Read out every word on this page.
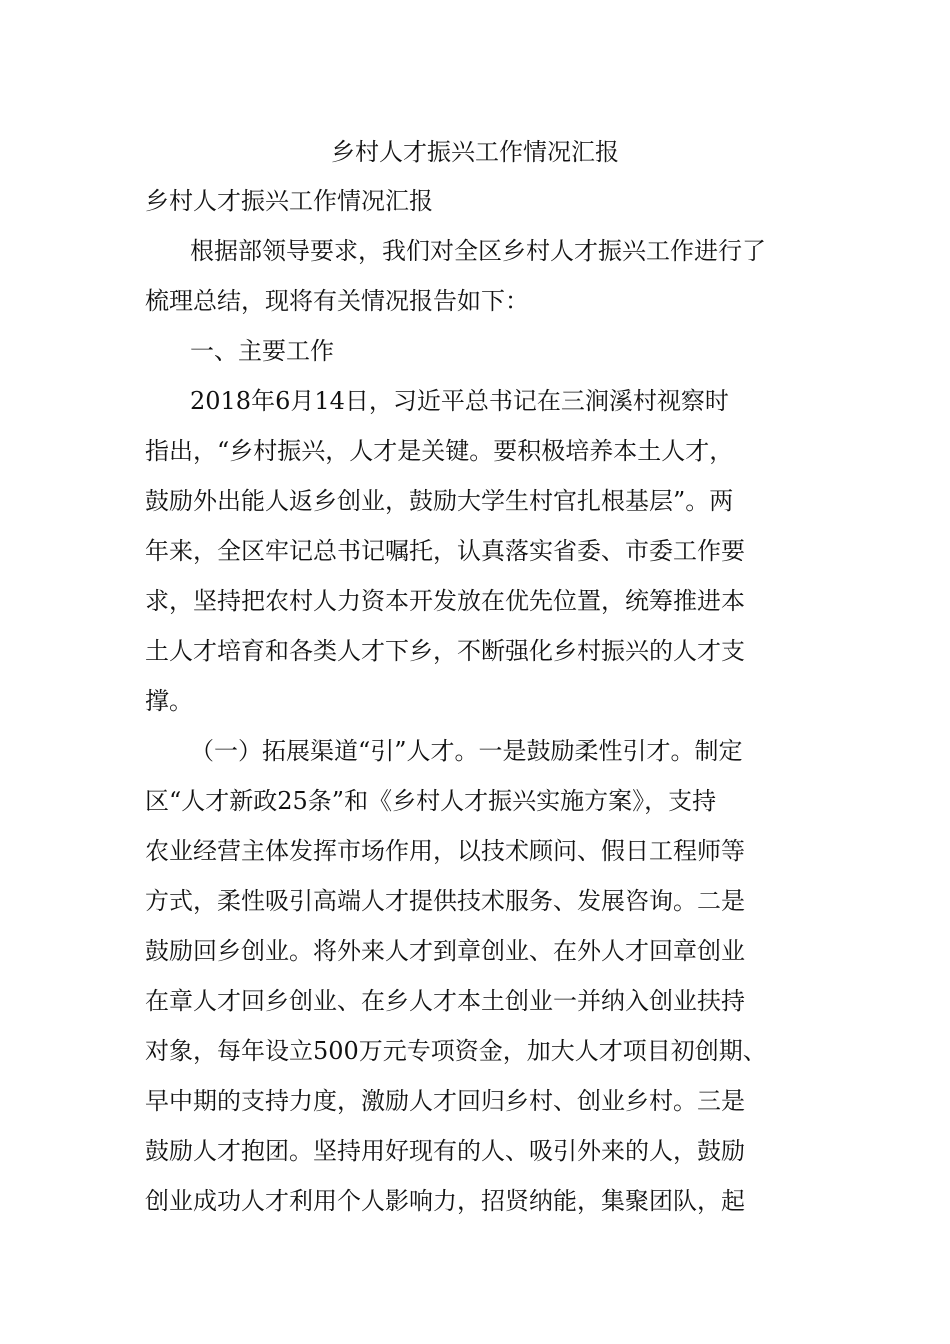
乡村人才振兴工作情况汇报
乡村人才振兴工作情况汇报
根据部领导要求，我们对全区乡村人才振兴工作进行了
梳理总结，现将有关情况报告如下：
一、主要工作
2018年6月14日，习近平总书记在三涧溪村视察时
指出，“乡村振兴，人才是关键。要积极培养本土人才，
鼓励外出能人返乡创业，鼓励大学生村官扎根基层”。两
年来，全区牢记总书记嘱托，认真落实省委、市委工作要
求，坚持把农村人力资本开发放在优先位置，统筹推进本
土人才培育和各类人才下乡，不断强化乡村振兴的人才支
撑。
（一）拓展渠道“引”人才。一是鼓励柔性引才。制定
区“人才新政25条”和《乡村人才振兴实施方案》，支持
农业经营主体发挥市场作用，以技术顾问、假日工程师等
方式，柔性吸引高端人才提供技术服务、发展咨询。二是
鼓励回乡创业。将外来人才到章创业、在外人才回章创业
在章人才回乡创业、在乡人才本土创业一并纳入创业扶持
对象，每年设立500万元专项资金，加大人才项目初创期、
早中期的支持力度，激励人才回归乡村、创业乡村。三是
鼓励人才抱团。坚持用好现有的人、吸引外来的人，鼓励
创业成功人才利用个人影响力，招贤纳能，集聚团队，起
